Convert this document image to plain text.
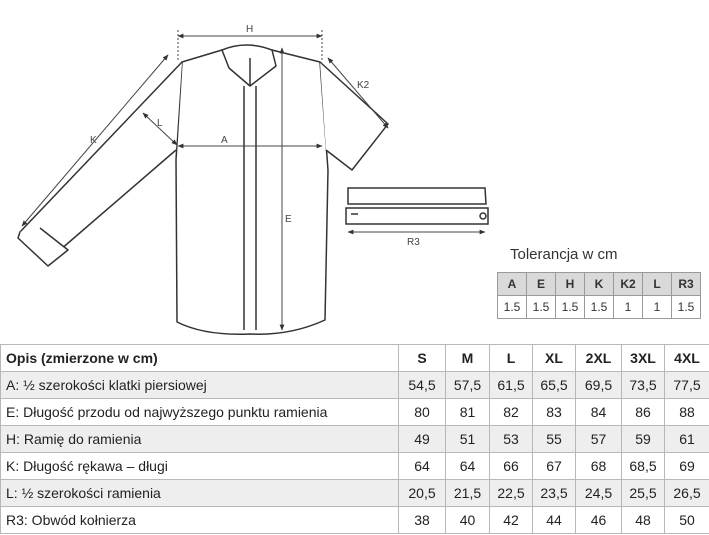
H
K2
L
K	A
E
R3
Tolerancja w cm
A	E	H	K	K2	L	R3
1.5	1.5	1.5	1.5	1	1	1.5
Opis (zmierzone w cm)	S	M	L	XL	2XL	3XL	4XL
A: ½ szerokości klatki piersiowej	54,5	57,5	61,5	65,5	69,5	73,5	77,5
E: Długość przodu od najwyższego punktu ramienia	80	81	82	83	84	86	88
H: Ramię do ramienia	49	51	53	55	57	59	61
K: Długość rękawa – długi	64	64	66	67	68	68,5	69
L: ½ szerokości ramienia	20,5	21,5	22,5	23,5	24,5	25,5	26,5
R3: Obwód kołnierza	38	40	42	44	46	48	50
